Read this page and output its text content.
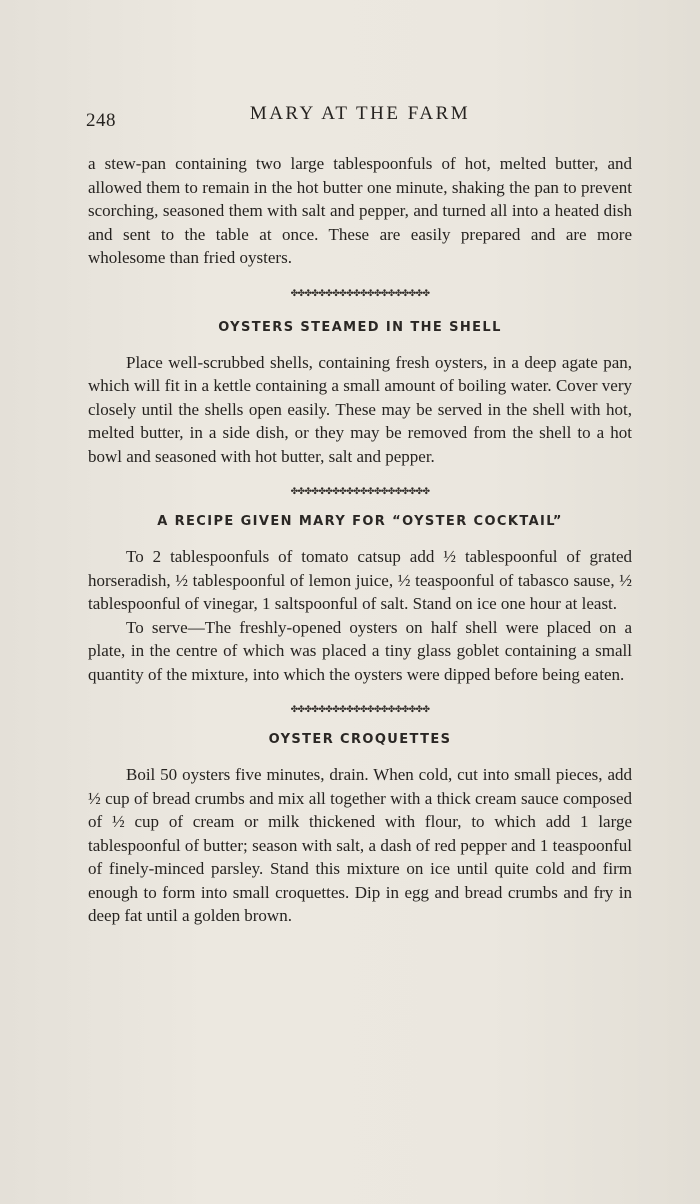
248	MARY AT THE FARM

a stew-pan containing two large tablespoonfuls of hot, melted butter, and allowed them to remain in the hot butter one minute, shaking the pan to prevent scorching, seasoned them with salt and pepper, and turned all into a heated dish and sent to the table at once. These are easily prepared and are more wholesome than fried oysters.

✤✤✤✤✤✤✤✤✤✤✤✤✤✤✤✤✤✤✤✤
OYSTERS STEAMED IN THE SHELL

Place well-scrubbed shells, containing fresh oysters, in a deep agate pan, which will fit in a kettle containing a small amount of boiling water. Cover very closely until the shells open easily. These may be served in the shell with hot, melted butter, in a side dish, or they may be removed from the shell to a hot bowl and seasoned with hot butter, salt and pepper.

✤✤✤✤✤✤✤✤✤✤✤✤✤✤✤✤✤✤✤✤
A RECIPE GIVEN MARY FOR “OYSTER COCKTAIL”

To 2 tablespoonfuls of tomato catsup add ½ tablespoonful of grated horseradish, ½ tablespoonful of lemon juice, ½ teaspoonful of tabasco sause, ½ tablespoonful of vinegar, 1 saltspoonful of salt. Stand on ice one hour at least.

To serve—The freshly-opened oysters on half shell were placed on a plate, in the centre of which was placed a tiny glass goblet containing a small quantity of the mixture, into which the oysters were dipped before being eaten.

✤✤✤✤✤✤✤✤✤✤✤✤✤✤✤✤✤✤✤✤
OYSTER CROQUETTES

Boil 50 oysters five minutes, drain. When cold, cut into small pieces, add ½ cup of bread crumbs and mix all together with a thick cream sauce composed of ½ cup of cream or milk thickened with flour, to which add 1 large tablespoonful of butter; season with salt, a dash of red pepper and 1 teaspoonful of finely-minced parsley. Stand this mixture on ice until quite cold and firm enough to form into small croquettes. Dip in egg and bread crumbs and fry in deep fat until a golden brown.
